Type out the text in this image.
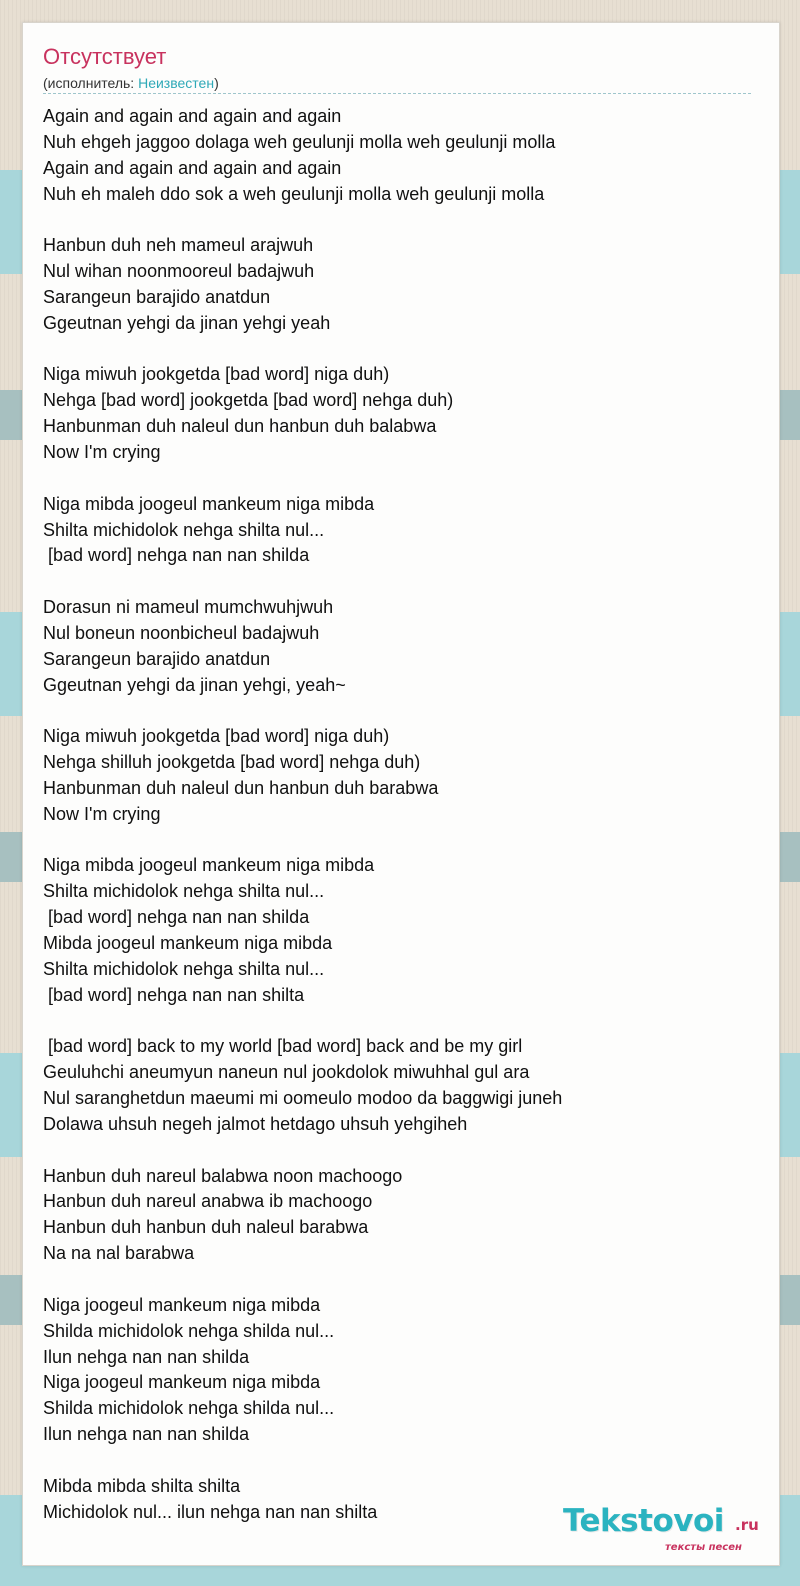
Отсутствует
(исполнитель: Неизвестен)
Again and again and again and again
Nuh ehgeh jaggoo dolaga weh geulunji molla weh geulunji molla
Again and again and again and again
Nuh eh maleh ddo sok a weh geulunji molla weh geulunji molla
Hanbun duh neh mameul arajwuh
Nul wihan noonmooreul badajwuh
Sarangeun barajido anatdun
Ggeutnan yehgi da jinan yehgi yeah
Niga miwuh jookgetda [bad word] niga duh)
Nehga [bad word] jookgetda [bad word] nehga duh)
Hanbunman duh naleul dun hanbun duh balabwa
Now I'm crying
Niga mibda joogeul mankeum niga mibda
Shilta michidolok nehga shilta nul...
[bad word] nehga nan nan shilda
Dorasun ni mameul mumchwuhjwuh
Nul boneun noonbicheul badajwuh
Sarangeun barajido anatdun
Ggeutnan yehgi da jinan yehgi, yeah~
Niga miwuh jookgetda [bad word] niga duh)
Nehga shilluh jookgetda [bad word] nehga duh)
Hanbunman duh naleul dun hanbun duh barabwa
Now I'm crying
Niga mibda joogeul mankeum niga mibda
Shilta michidolok nehga shilta nul...
[bad word] nehga nan nan shilda
Mibda joogeul mankeum niga mibda
Shilta michidolok nehga shilta nul...
[bad word] nehga nan nan shilta
[bad word] back to my world [bad word] back and be my girl
Geuluhchi aneumyun naneun nul jookdolok miwuhhal gul ara
Nul saranghetdun maeumi mi oomeulo modoo da baggwigi juneh
Dolawa uhsuh negeh jalmot hetdago uhsuh yehgiheh
Hanbun duh nareul balabwa noon machoogo
Hanbun duh nareul anabwa ib machoogo
Hanbun duh hanbun duh naleul barabwa
Na na nal barabwa
Niga joogeul mankeum niga mibda
Shilda michidolok nehga shilda nul...
Ilun nehga nan nan shilda
Niga joogeul mankeum niga mibda
Shilda michidolok nehga shilda nul...
Ilun nehga nan nan shilda
Mibda mibda shilta shilta
Michidolok nul... ilun nehga nan nan shilta	Tekstovoi .ru
тексты песен
